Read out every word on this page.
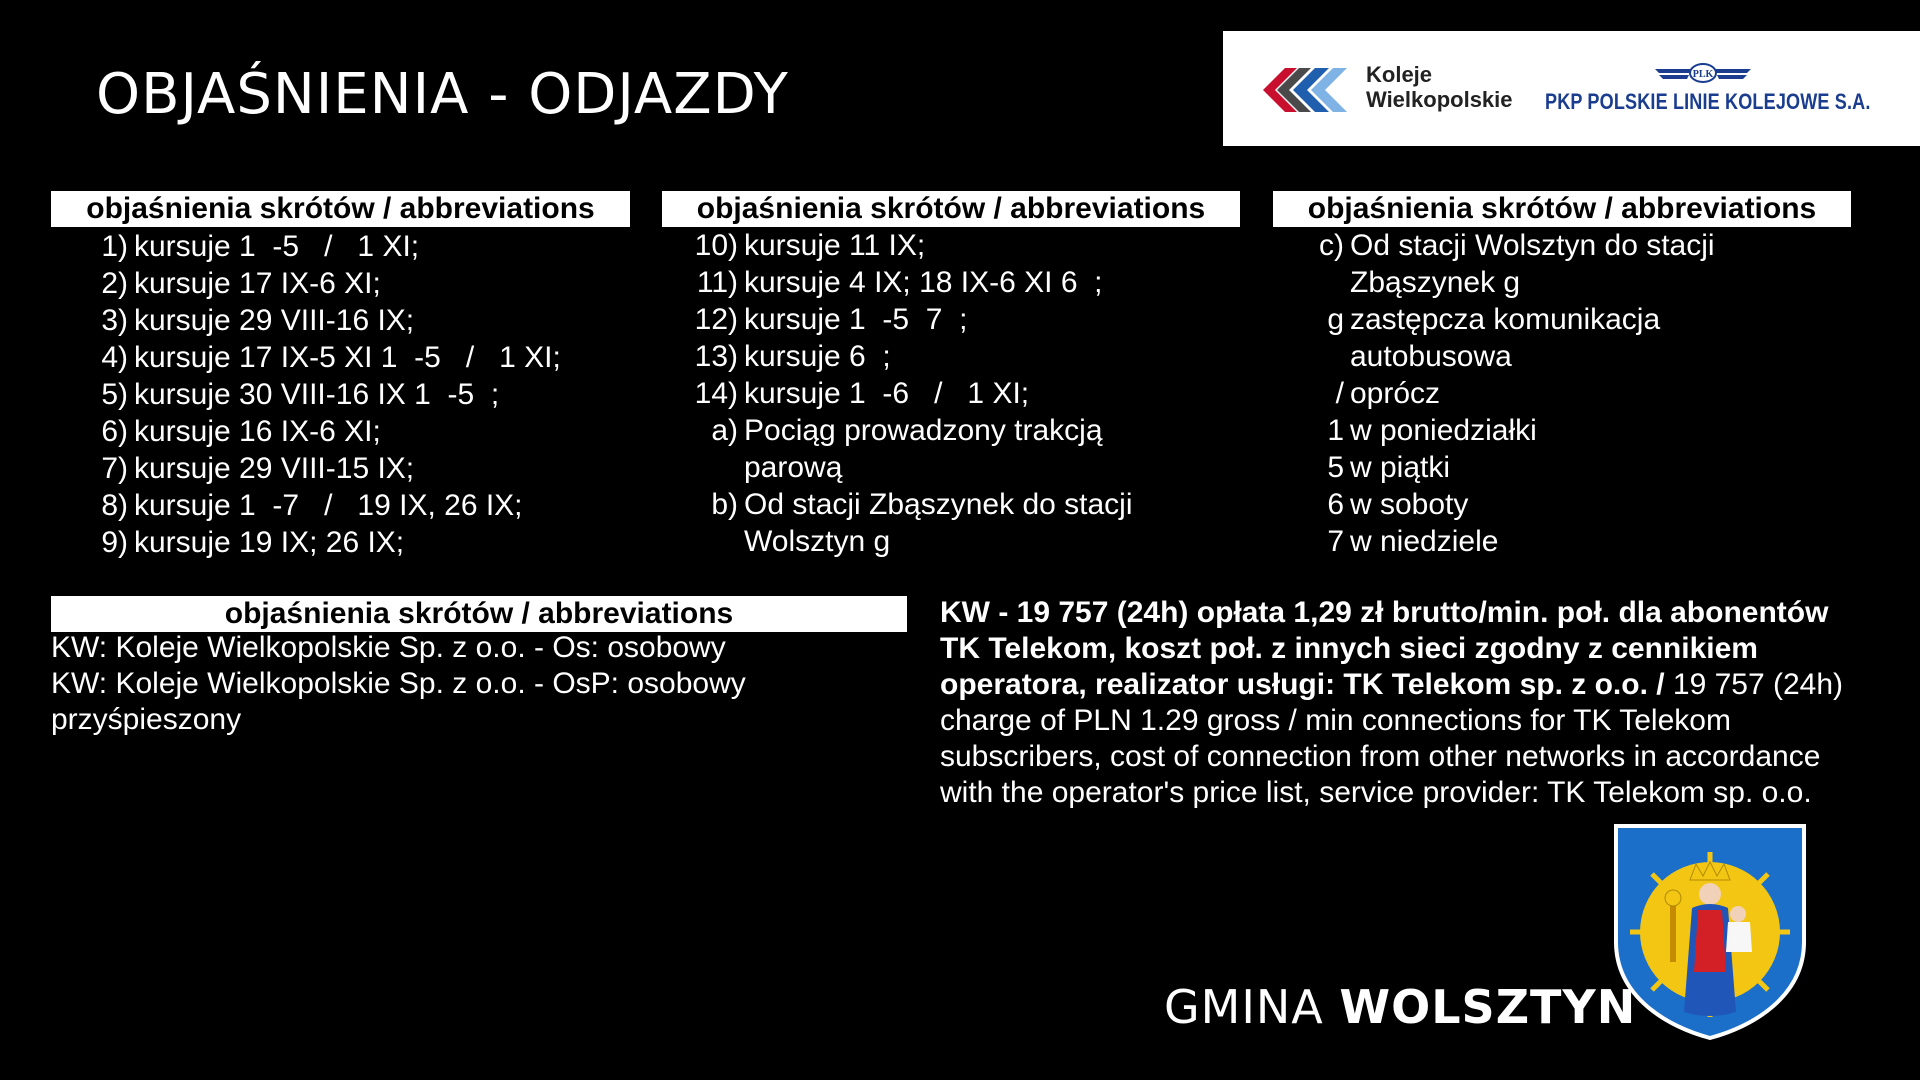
OBJAŚNIENIA - ODJAZDY	Koleje
Wielkopolskie
PLK
PKP POLSKIE LINIE KOLEJOWE S.A.
objaśnienia skrótów / abbreviations
1) kursuje 1  -5   /   1 XI;
2) kursuje 17 IX-6 XI;
3) kursuje 29 VIII-16 IX;
4) kursuje 17 IX-5 XI 1  -5   /   1 XI;
5) kursuje 30 VIII-16 IX 1  -5  ;
6) kursuje 16 IX-6 XI;
7) kursuje 29 VIII-15 IX;
8) kursuje 1  -7   /   19 IX, 26 IX;
9) kursuje 19 IX; 26 IX;
objaśnienia skrótów / abbreviations
10) kursuje 11 IX;
11) kursuje 4 IX; 18 IX-6 XI 6  ;
12) kursuje 1  -5  7  ;
13) kursuje 6  ;
14) kursuje 1  -6   /   1 XI;
a) Pociąg prowadzony trakcją
parową
b) Od stacji Zbąszynek do stacji
Wolsztyn g
objaśnienia skrótów / abbreviations
c) Od stacji Wolsztyn do stacji
Zbąszynek g
g zastępcza komunikacja
autobusowa
/ oprócz
1 w poniedziałki
5 w piątki
6 w soboty
7 w niedziele
objaśnienia skrótów / abbreviations
KW: Koleje Wielkopolskie Sp. z o.o. - Os: osobowy
KW: Koleje Wielkopolskie Sp. z o.o. - OsP: osobowy przyśpieszony
KW - 19 757 (24h) opłata 1,29 zł brutto/min. poł. dla abonentów TK Telekom, koszt poł. z innych sieci zgodny z cennikiem operatora, realizator usługi: TK Telekom sp. z o.o. / 19 757 (24h) charge of PLN 1.29 gross / min connections for TK Telekom subscribers, cost of connection from other networks in accordance with the operator's price list, service provider: TK Telekom sp. o.o.
GMINA WOLSZTYN
